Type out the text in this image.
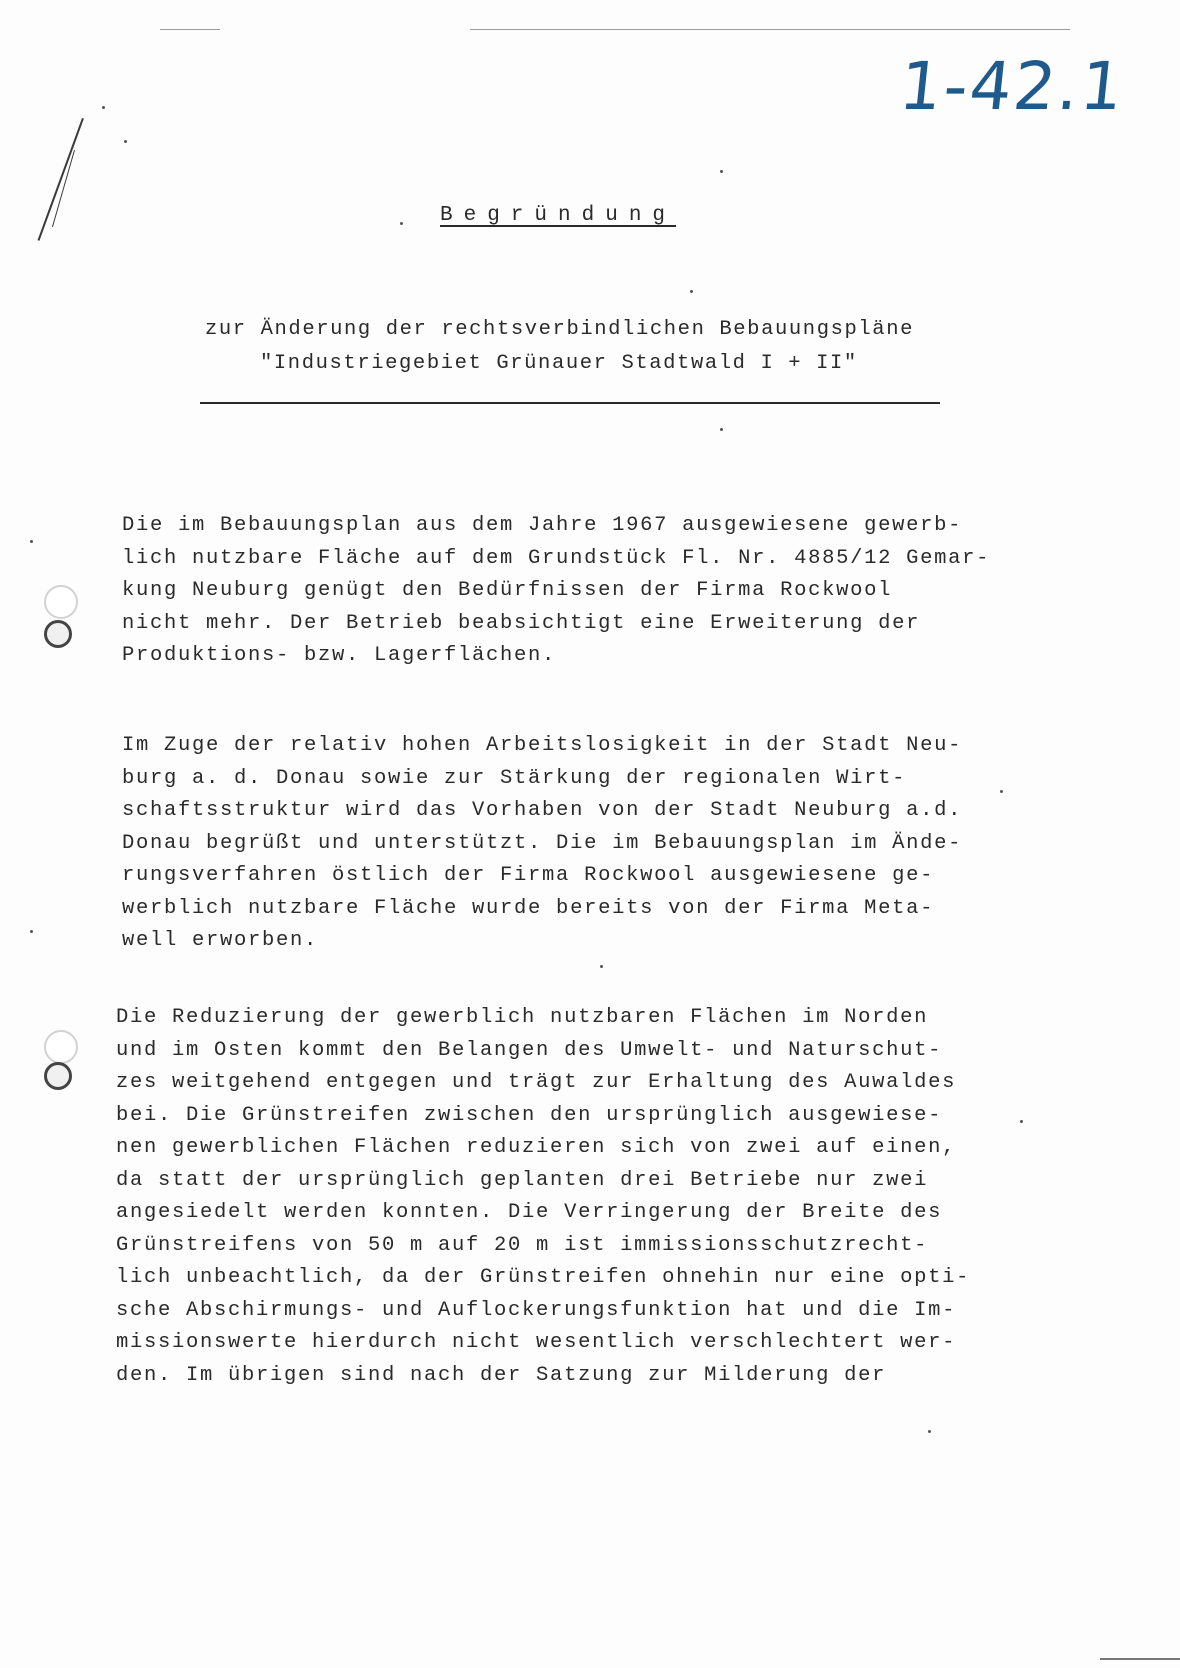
1-42.1
Begründung
zur Änderung der rechtsverbindlichen Bebauungspläne
"Industriegebiet Grünauer Stadtwald I + II"
Die im Bebauungsplan aus dem Jahre 1967 ausgewiesene gewerb-
lich nutzbare Fläche auf dem Grundstück Fl. Nr. 4885/12 Gemar-
kung Neuburg genügt den Bedürfnissen der Firma Rockwool
nicht mehr. Der Betrieb beabsichtigt eine Erweiterung der
Produktions- bzw. Lagerflächen.
Im Zuge der relativ hohen Arbeitslosigkeit in der Stadt Neu-
burg a. d. Donau sowie zur Stärkung der regionalen Wirt-
schaftsstruktur wird das Vorhaben von der Stadt Neuburg a.d.
Donau begrüßt und unterstützt. Die im Bebauungsplan im Ände-
rungsverfahren östlich der Firma Rockwool ausgewiesene ge-
werblich nutzbare Fläche wurde bereits von der Firma Meta-
well erworben.
Die Reduzierung der gewerblich nutzbaren Flächen im Norden
und im Osten kommt den Belangen des Umwelt- und Naturschut-
zes weitgehend entgegen und trägt zur Erhaltung des Auwaldes
bei. Die Grünstreifen zwischen den ursprünglich ausgewiese-
nen gewerblichen Flächen reduzieren sich von zwei auf einen,
da statt der ursprünglich geplanten drei Betriebe nur zwei
angesiedelt werden konnten. Die Verringerung der Breite des
Grünstreifens von 50 m auf 20 m ist immissionsschutzrecht-
lich unbeachtlich, da der Grünstreifen ohnehin nur eine opti-
sche Abschirmungs- und Auflockerungsfunktion hat und die Im-
missionswerte hierdurch nicht wesentlich verschlechtert wer-
den. Im übrigen sind nach der Satzung zur Milderung der
